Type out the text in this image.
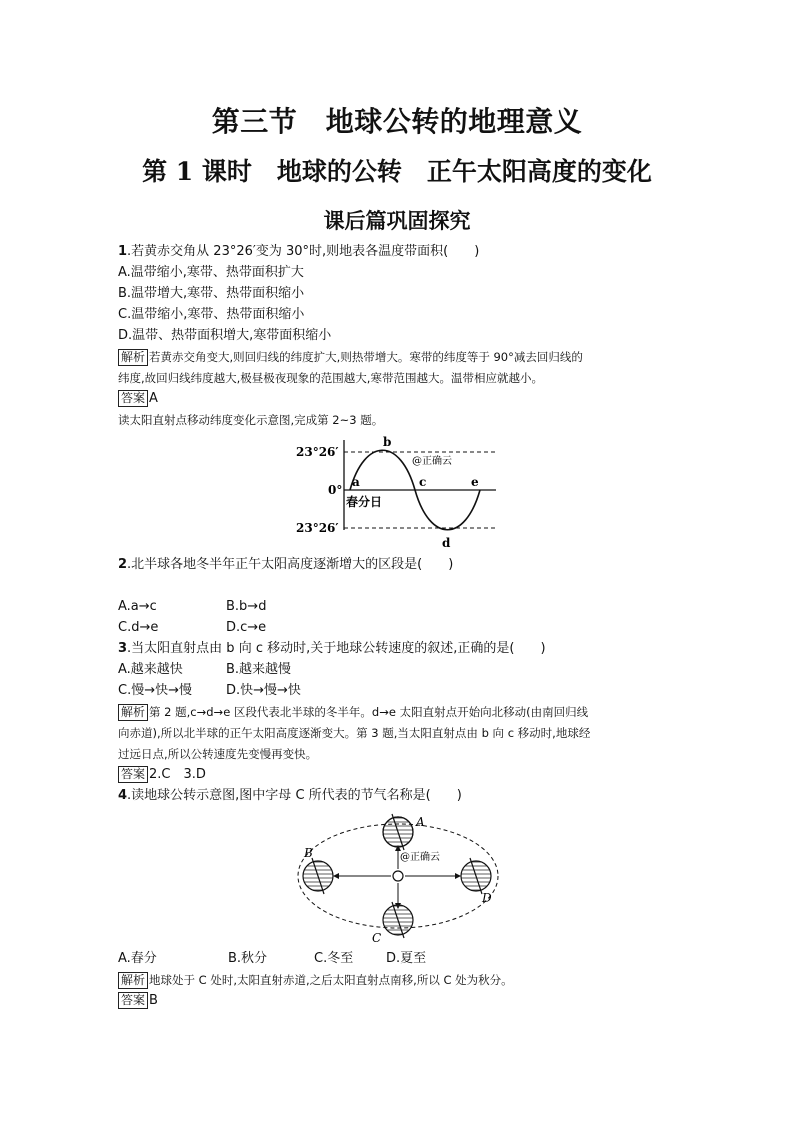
第三节　地球公转的地理意义
第 1 课时　地球的公转　正午太阳高度的变化
课后篇巩固探究
1.若黄赤交角从 23°26′变为 30°时,则地表各温度带面积(　　)
A.温带缩小,寒带、热带面积扩大
B.温带增大,寒带、热带面积缩小
C.温带缩小,寒带、热带面积缩小
D.温带、热带面积增大,寒带面积缩小
解析 若黄赤交角变大,则回归线的纬度扩大,则热带增大。寒带的纬度等于 90°减去回归线的
纬度,故回归线纬度越大,极昼极夜现象的范围越大,寒带范围越大。温带相应就越小。
答案 A
读太阳直射点移动纬度变化示意图,完成第 2~3 题。
23°26′
0°
23°26′
a
b
c
d
e
春分日
@正确云
2.北半球各地冬半年正午太阳高度逐渐增大的区段是(　　)
A.a→c	B.b→d
C.d→e	D.c→e
3.当太阳直射点由 b 向 c 移动时,关于地球公转速度的叙述,正确的是(　　)
A.越来越快	B.越来越慢
C.慢→快→慢	D.快→慢→快
解析 第 2 题,c→d→e 区段代表北半球的冬半年。d→e 太阳直射点开始向北移动(由南回归线
向赤道),所以北半球的正午太阳高度逐渐变大。第 3 题,当太阳直射点由 b 向 c 移动时,地球经
过远日点,所以公转速度先变慢再变快。
答案 2.C　3.D
4.读地球公转示意图,图中字母 C 所代表的节气名称是(　　)
A
B
C
D
@正确云
A.春分	B.秋分	C.冬至	D.夏至
解析 地球处于 C 处时,太阳直射赤道,之后太阳直射点南移,所以 C 处为秋分。
答案 B
